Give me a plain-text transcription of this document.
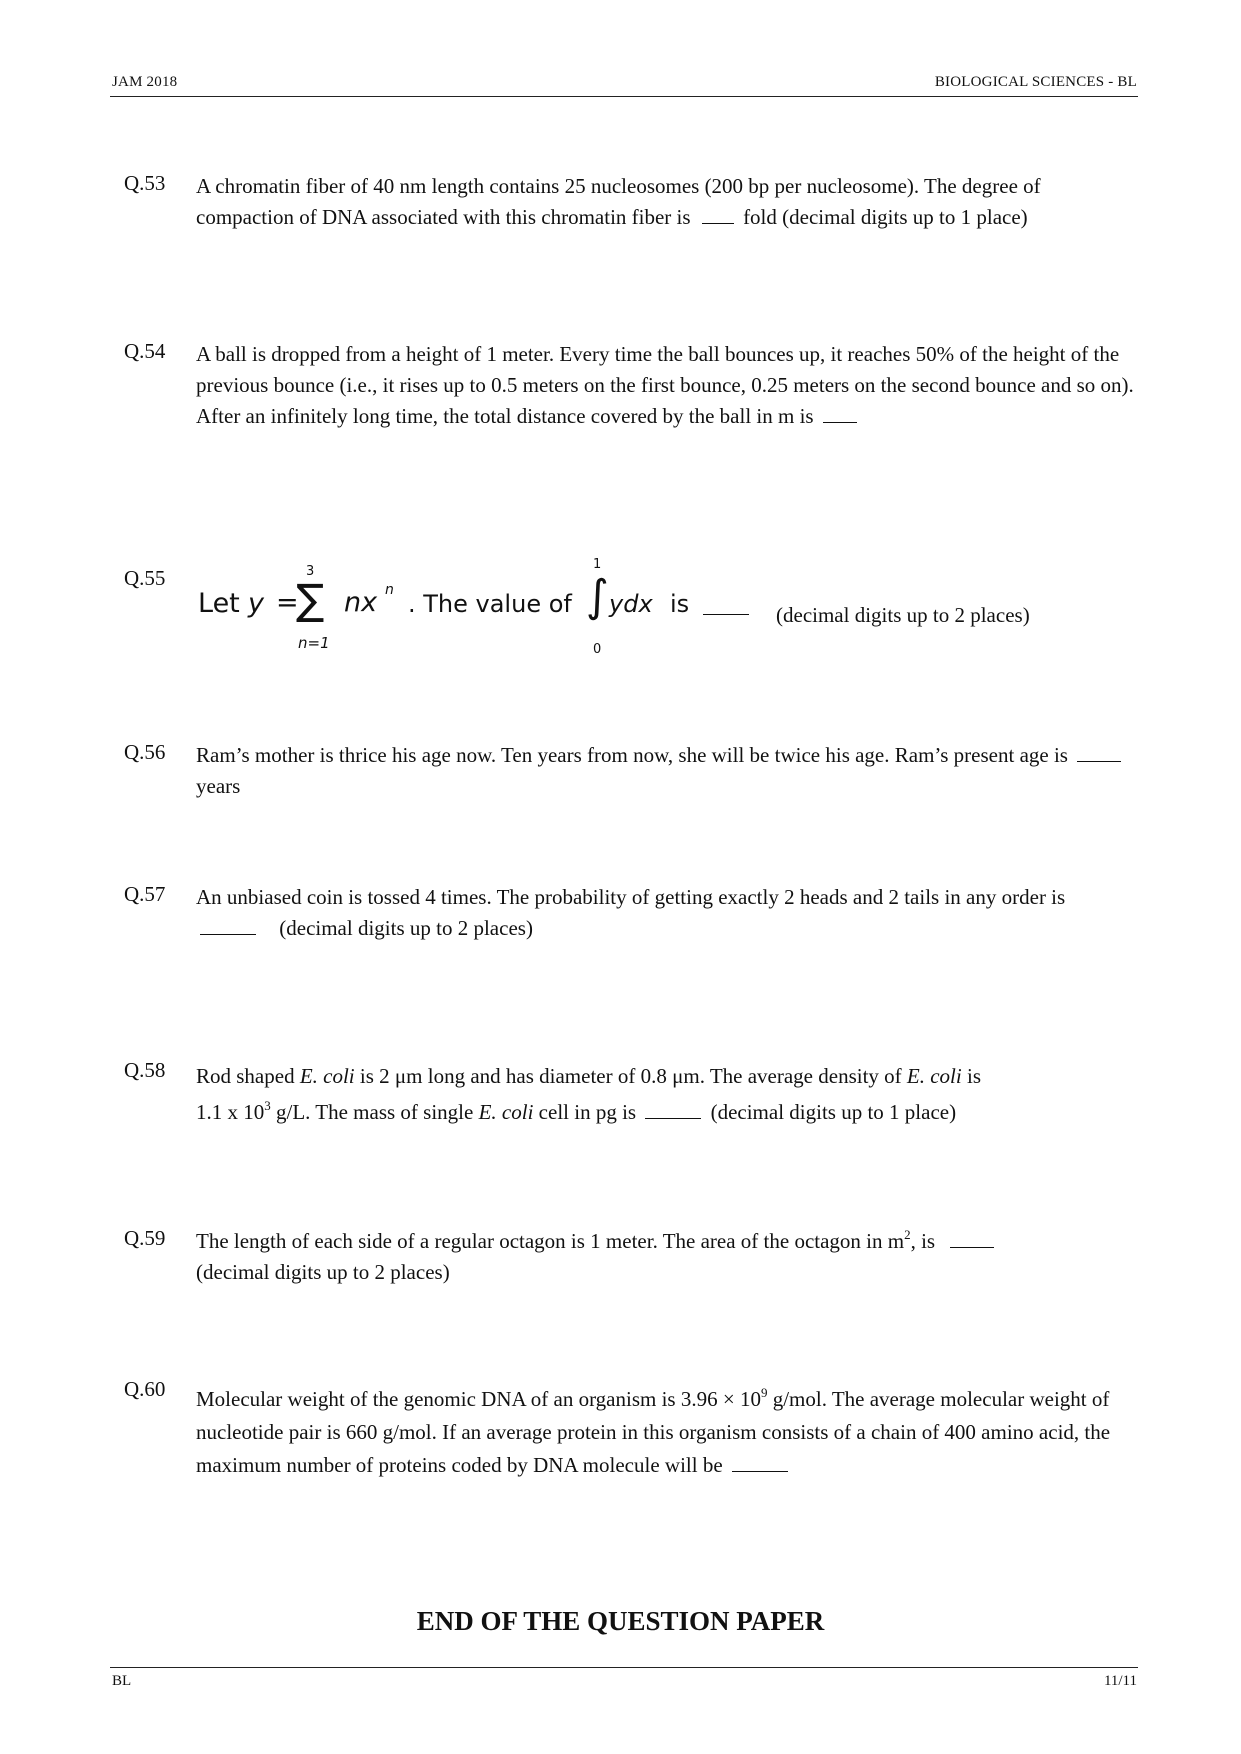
JAM 2018	BIOLOGICAL SCIENCES - BL
Q.53 A chromatin fiber of 40 nm length contains 25 nucleosomes (200 bp per nucleosome). The degree of compaction of DNA associated with this chromatin fiber is	fold (decimal digits up to 1 place)
Q.54 A ball is dropped from a height of 1 meter. Every time the ball bounces up, it reaches 50% of the height of the previous bounce (i.e., it rises up to 0.5 meters on the first bounce, 0.25 meters on the second bounce and so on). After an infinitely long time, the total distance covered by the ball in m is
Q.55
Let y =
3
∑
n=1
nx n . The value of
1
∫
0
ydx is	(decimal digits up to 2 places)
Q.56 Ram’s mother is thrice his age now. Ten years from now, she will be twice his age. Ram’s present age is  years
Q.57 An unbiased coin is tossed 4 times. The probability of getting exactly 2 heads and 2 tails in any order is  (decimal digits up to 2 places)
Q.58 Rod shaped E. coli is 2 μm long and has diameter of 0.8 μm. The average density of E. coli is
1.1 x $10^3$ g/L. The mass of single E. coli cell in pg is	(decimal digits up to 1 place)
Q.59 The length of each side of a regular octagon is 1 meter. The area of the octagon in $m^2$, is
(decimal digits up to 2 places)
Q.60 Molecular weight of the genomic DNA of an organism is $3.96 \times 10^9$ g/mol. The average molecular weight of nucleotide pair is 660 g/mol. If an average protein in this organism consists of a chain of 400 amino acid, the maximum number of proteins coded by DNA molecule will be
END OF THE QUESTION PAPER
BL	11/11
